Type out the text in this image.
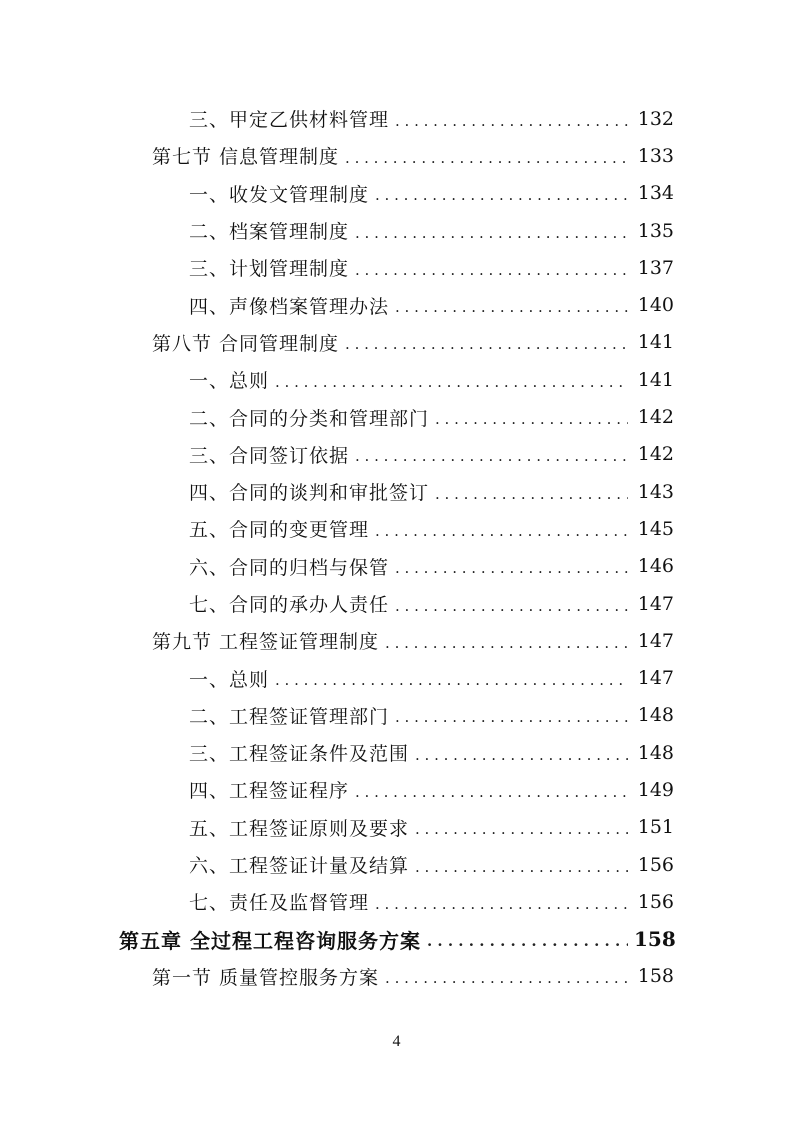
三、甲定乙供材料管理 . . .	132
第七节 信息管理制度 . . .	133
一、收发文管理制度 . . .	134
二、档案管理制度 . . .	135
三、计划管理制度 . . .	137
四、声像档案管理办法 . . .	140
第八节 合同管理制度 . . .	141
一、总则 . . .	141
二、合同的分类和管理部门 . . .	142
三、合同签订依据 . . .	142
四、合同的谈判和审批签订 . . .	143
五、合同的变更管理 . . .	145
六、合同的归档与保管 . . .	146
七、合同的承办人责任 . . .	147
第九节 工程签证管理制度 . . .	147
一、总则 . . .	147
二、工程签证管理部门 . . .	148
三、工程签证条件及范围 . . .	148
四、工程签证程序 . . .	149
五、工程签证原则及要求 . . .	151
六、工程签证计量及结算 . . .	156
七、责任及监督管理 . . .	156
第五章 全过程工程咨询服务方案 . . .	158
第一节 质量管控服务方案 . . .	158
4
